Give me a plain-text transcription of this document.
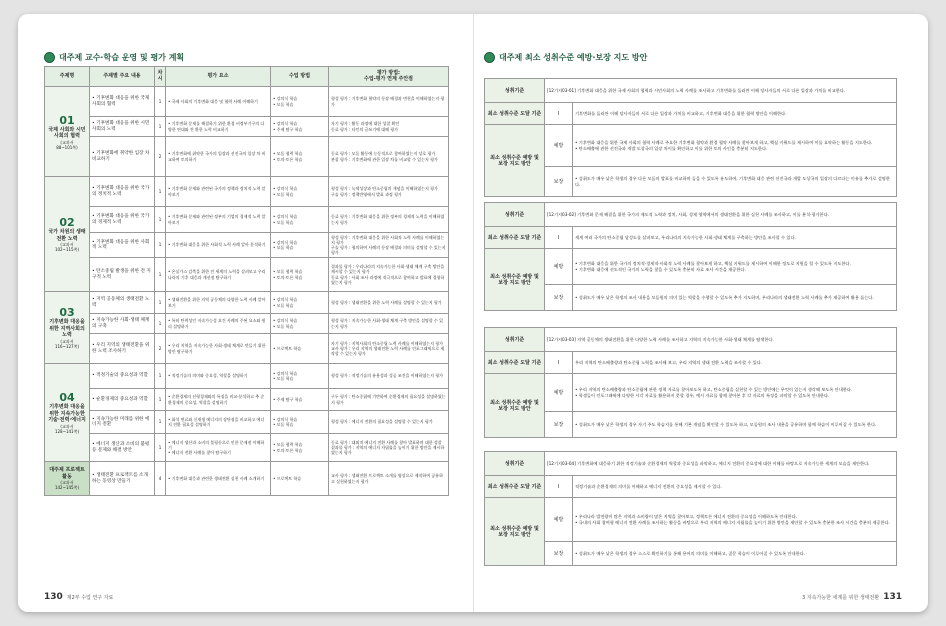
대주제 교수·학습 운영 및 평가 계획
주제명	주제별 주요 내용	차시	평가 요소	수업 방법	평가 방법:
수업-평가 연계 주안점

01
국제 사회와 시민사회의 협력
(교과서
88~101쪽)	• 기후변화 대응을 위한 국제 사회의 협력	1	• 국제 사회의 기후변화 대응 및 협력 사례 이해하기	• 강의식 학습
• 모둠 학습	형성 평가 : 기후변화 협약의 등장 배경과 변천을 이해하였는지 평가
	• 기후변화 대응을 위한 시민사회의 노력	1	• 기후변화 문제를 해결하기 위한 환경 비정부기구의 다양한 연대와 전 환한 노력 비교하기	• 강의식 학습
• 주제 탐구 학습	자기 평가 : 활동 과정에 대한 성찰 확인
동료 평가 : 타인의 글쓰기에 대해 평가
	• 기후변화에 취약한 입장 차 비교하기	2	• 기후변화에 취약한 국가의 입장과 선진국의 입장 차 비교하여 토의하기	• 모둠 협력 학습
• 토의·토론 학습	동료 평가 : 모둠 활동에 능동적으로 참여하였는지 상호 평가
관찰 평가 : 기후변화에 관한 입장 차를 비교할 수 있는지 평가

02
국가 차원의 생태전환 노력
(교과서
102~115쪽)	• 기후변화 대응을 위한 국가의 정치적 노력	1	• 기후변화 문제와 관련된 국가의 정책과 정치적 노력 알아보기	• 강의식 학습
• 모둠 학습	형성 평가 : 녹색성장과 탄소중립의 개념을 이해하였는지 평가
구술 평가 : 정책반영에서 발표 과정 평가
	• 기후변화 대응을 위한 국가의 경제적 노력	1	• 기후변화 문제와 관련된 정부의 기업의 경제적 노력 알아보기	• 강의식 학습
• 모둠 학습	동료 평가 : 기후변화 대응을 위한 정부의 경제적 노력을 이해하였는지 평가
	• 기후변화 대응을 위한 사회적 노력	1	• 기후변화 대응을 위한 사회적 노력 사례 알아 분석하기	• 강의식 학습
• 모둠 학습	형성 평가 : 기후변화 대응을 위한 사회적 노력 사례를 이해하였는지 평가
구술 평가 : 협의하여 사례의 등장 배경과 의미를 설명할 수 있는지 평가
	• 탄소중립 발생을 위한 전 지구적 노력	1	• 온실가스 감축을 위한 전 세계의 노력을 살펴보고 우리나라의 기후 대응과 개선점 탐구하기	• 모둠 협력 학습
• 토의·토론 학습	결과물 평가 : 우리나라의 지속가능한 사회·생태 체계 구축 방안을 제시할 수 있는지 평가
동료 평가 : 사회 조사 과정에 적극적으로 참여하고 발표에 경청하였는지 평가

03
기후변화 대응을 위한 지역사회의 노력
(교과서
116~127쪽)	• 지역 공동체의 생태전환 노력	1	• 생태전환을 위한 지역 공동체의 다양한 노력 사례 알아보기	• 강의식 학습
• 모둠 학습	형성 평가 : 생태전환을 위한 노력 사례를 설명할 수 있는지 평가
	• 지속가능한 사회·생태 체계의 구축	1	• 특히 탄력성인 지속가능성 요건 사례의 주된 요소와 원리 설명하기	• 강의식 학습
• 모둠 학습	형성 평가 : 지속가능한 사회·생태 체계 구축 방안을 설명할 수 있는지 평가
	• 우리 지역의 생태전환을 위한 노력 조사하기	2	• 우리 지역을 지속가능한 사회·생태 체계로 만들기 위한 방안 탐구하기	• 프로젝트 학습	자기 평가 : 지역사회의 탄소중립 노력 사례를 이해하였는지 평가
교사 평가 : 우리 지역의 생태전환 노력 사례를 인포그래픽으로 제작할 수 있는지 평가

04
기후변화 대응을 위한 지속가능한 기술·전력·에너지
(교과서
128~141쪽)	• 적정기술의 중요성과 역할	1	• 적정기술의 의미와 중요성, 역할을 설명하기	• 강의식 학습
• 모둠 학습	형성 평가 : 적정기술의 유용성과 성공 조건을 이해하였는지 평가
	• 순환경제의 중요성과 역할	1	• 순환경제의 선형경제와의 특징을 비교·분석하고 추 순환경제의 중요성, 역할을 설명하기	• 주제 탐구 학습	구두 평가 : 탄소중립에 기반하여 순환경제의 필요성을 설명하였는지 평가
	• 지속가능한 미래를 위한 에너지 전환	1	• 화석 연료와 신재생 에너지의 장단점을 비교하고 에너지 전환 필요성 설명하기	• 강의식 학습
• 모둠 학습	형성 평가 : 에너지 전환의 필요성을 설명할 수 있는지 평가
	• 에너지 생산과 소비의 불평등 문제와 해결 방안	1	• 에너지 생산과 소비의 불평등으로 인한 문제점 이해하기
• 에너지 전환 사례를 찾아 탐구하기	• 모둠 협력 학습
• 토의·토론 학습	동료 평가 : 대외적 에너지 전환 사례를 찾아 발표하며 대한 성찰
결과물 평가 : 지역의 에너지 자립률을 높이기 위한 방안을 제시하였는지 평가

대주제 프로젝트 활동
(교과서
142~145쪽)	• 생태전환 프로젝트를 소개하는 동영상 만들기	4	• 기후변화 대응과 관련한 생태전환 실천 사례 소개하기	• 프로젝트 학습	교사 평가 : 생태전환 프로젝트 소개를 영상으로 제작하여 공유하고 실천하였는지 평가
130 제2부 수업 연구 자료
대주제 최소 성취수준 예방·보장 지도 방안
성취기준	[12기지03-01] 기후변화 대응을 위한 국제 사회의 협력과 시민사회의 노력 사례를 조사하고 기후변화를 둘러싼 이해 당사자들의 서로 다른 입장과 가치를 비교한다.	
최소 성취수준 도달 기준	I	기후변화를 둘러싼 이해 당사자들의 서로 다른 입장과 가치를 비교하고, 기후변화 대응을 위한 협력 방안을 이해한다.
최소 성취수준 예방 및 보장 지도 방안	예방	• 기후변화 대응을 위한 국제 사회의 협력 사례로 주요한 기후변화 협약과 환경 협약 사례를 찾아보게 하고, 핵심 키워드를 제시하여 이를 요약하는 활동을 지도한다.
• 탄소배출에 관한 선진국과 개발 도상국의 입장 차이를 확인하고 이를 위한 토의 사인을 충분히 지도한다.
	보장	• 성취도가 매우 낮은 학생의 경우 다른 모둠의 발표를 비교하며 들을 수 있도록 유도하여, 기후변화 대응 관련 선진국과 개발 도상국의 입장의 다르다는 이유를 추가로 설명한다.
성취기준	[12기지03-02] 기후변화 문제 해결을 위한 국가의 제도적 노력과 정치, 사회, 경제 영역에서의 생태전환을 위한 실천 사례를 조사하고, 이를 분석·평가한다.	
최소 성취수준 도달 기준	I	세계 여러 국가의 탄소중립 달성도를 살펴보고, 우리나라의 지속가능한 사회·생태 체계를 구축하는 방안을 조사할 수 있다.
최소 성취수준 예방 및 보장 지도 방안	예방	• 기후변화 대응을 위한 국가의 정치적·경제적·사회적 노력 사례를 찾아보게 하고, 핵심 키워드를 제시하여 이해한 정도로 지원을 할 수 있도록 지도한다.
• 기후변화 대응에 선도적인 국가의 노력을 찾을 수 있도록 충분히 자료 조사 시간을 제공한다.
	보장	• 성취도가 매우 낮은 학생의 조사 내용을 모둠원의 의미 있는 역할을 수행할 수 있도록 추가 지도하며, 우리나라의 생태전환 노력 사례를 추가 제공하여 활용 돕는다.
성취기준	[12기지03-03] 지역 공동체의 생태전환을 위한 다양한 노력 사례를 조사하고 지역의 지속가능한 사회·생태 체계를 탐색한다.	
최소 성취수준 도달 기준	I	우리 지역의 탄소배출량과 탄소중립 노력을 조사해 보고, 우리 지역의 생태 전환 노력을 조사할 수 있다.
최소 성취수준 예방 및 보장 지도 방안	예방	• 우리 지역의 탄소배출량과 탄소중립에 관한 정책 자료를 찾아보도록 하고, 탄소중립을 실천할 수 있는 방안에는 무엇이 있는지 생각해 보도록 안내한다.
• 학생들이 인포그래픽에 다양한 시각 자료를 활용하지 못할 경우, 예시 자료를 함께 찾아본 후 각 자료의 특징을 파악할 수 있도록 안내한다.
	보장	• 성취도가 매우 낮은 학생의 경우 자기 주도 학습지를 통해 기본 개념을 확인할 수 있도록 하고, 모둠원의 조사 내용을 공유하며 함께 학습이 이루어질 수 있도록 한다.
성취기준	[12기지03-04] 기후변화에 대응하기 위한 적정기술과 순환경제의 역할과 중요성을 파악하고, 에너지 전환의 중요성에 대한 이해를 바탕으로 지속가능한 세계의 모습을 제안한다.	
최소 성취수준 도달 기준	I	적정기술과 순환경제의 의미를 이해하고 에너지 전환의 중요성을 제시할 수 있다.
최소 성취수준 예방 및 보장 지도 방안	예방	• 우리나라 발전량이 많은 지역과 소비량이 많은 지역을 찾아보고, 정책토론 에너지 전환의 중요성을 이해하도록 안내한다.
• 국내의 사회 참여형 에너지 전환 사례를 조사하는 활동을 바탕으로 우리 지역의 에너지 자립률을 높이기 위한 방안을 제안할 수 있도록 충분한 조사 시간을 충분히 제공한다.
	보장	• 성취도가 매우 낮은 학생의 경우 스스로 확인하기를 통해 용어의 의미를 이해하고, 질문 학습이 이루어질 수 있도록 안내한다.
3 지속가능한 세계를 위한 생태전환 131
